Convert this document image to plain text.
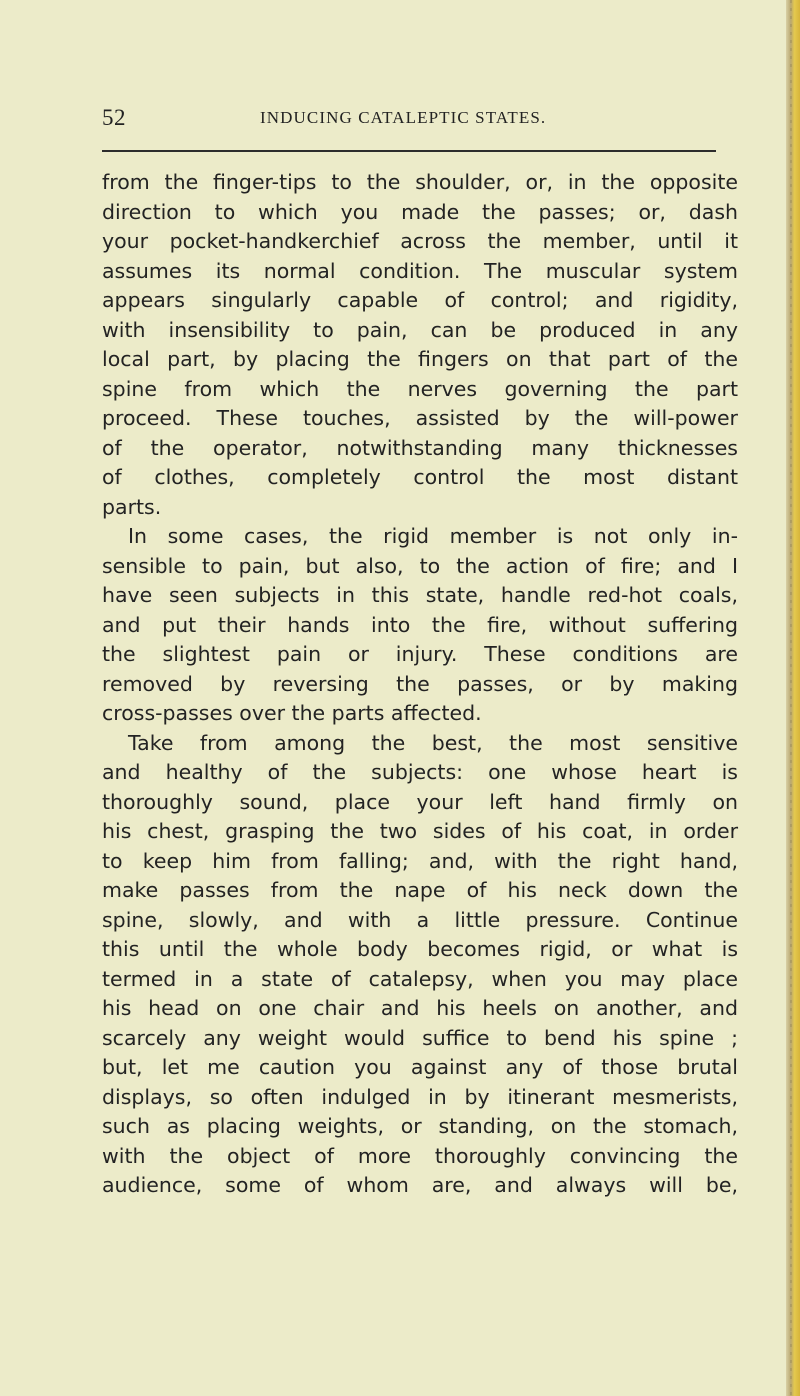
52	INDUCING CATALEPTIC STATES.
from the finger-tips to the shoulder, or, in the opposite
direction to which you made the passes; or, dash
your pocket-handkerchief across the member, until it
assumes its normal condition. The muscular system
appears singularly capable of control; and rigidity,
with insensibility to pain, can be produced in any
local part, by placing the fingers on that part of the
spine from which the nerves governing the part
proceed. These touches, assisted by the will-power
of the operator, notwithstanding many thicknesses
of clothes, completely control the most distant
parts.
In some cases, the rigid member is not only in-
sensible to pain, but also, to the action of fire; and I
have seen subjects in this state, handle red-hot coals,
and put their hands into the fire, without suffering
the slightest pain or injury. These conditions are
removed by reversing the passes, or by making
cross-passes over the parts affected.
Take from among the best, the most sensitive
and healthy of the subjects: one whose heart is
thoroughly sound, place your left hand firmly on
his chest, grasping the two sides of his coat, in order
to keep him from falling; and, with the right hand,
make passes from the nape of his neck down the
spine, slowly, and with a little pressure. Continue
this until the whole body becomes rigid, or what is
termed in a state of catalepsy, when you may place
his head on one chair and his heels on another, and
scarcely any weight would suffice to bend his spine ;
but, let me caution you against any of those brutal
displays, so often indulged in by itinerant mesmerists,
such as placing weights, or standing, on the stomach,
with the object of more thoroughly convincing the
audience, some of whom are, and always will be,
